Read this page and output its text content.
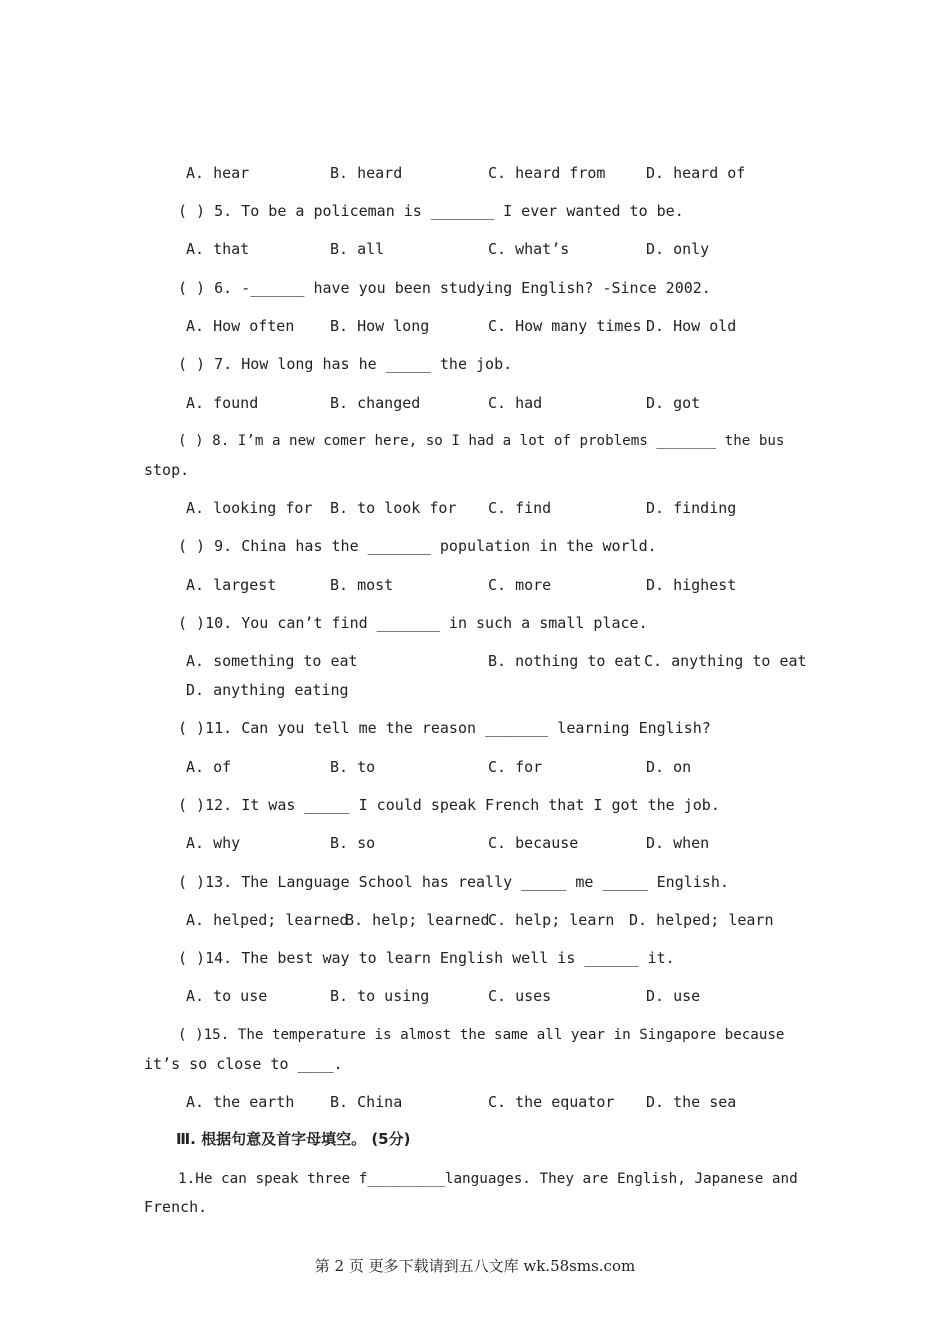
A. hear	B. heard	C. heard from	D. heard of
( ) 5. To be a policeman is _______ I ever wanted to be.
A. that	B. all	C. what’s	D. only
( ) 6. -______ have you been studying English? -Since 2002.
A. How often B. How long	C. How many times D. How old
( ) 7. How long has he _____ the job.
A. found	B. changed	C. had	D. got
( ) 8. I’m a new comer here, so I had a lot of problems _______ the bus
stop.
A. looking for B. to look for C. find	D. finding
( ) 9. China has the _______ population in the world.
A. largest	B. most	C. more	D. highest
( )10. You can’t find _______ in such a small place.
A. something to eat	B. nothing to eat C. anything to eat
D. anything eating
( )11. Can you tell me the reason _______ learning English?
A. of	B. to	C. for	D. on
( )12. It was _____ I could speak French that I got the job.
A. why	B. so	C. because	D. when
( )13. The Language School has really _____ me _____ English.
A. helped; learned
B. help; learned
C. help; learn D. helped; learn
( )14. The best way to learn English well is ______ it.
A. to use	B. to using	C. uses	D. use
( )15. The temperature is almost the same all year in Singapore because
it’s so close to ____.
A. the earth B. China	C. the equator D. the sea
Ⅲ. 根据句意及首字母填空。 (5分)
1.He can speak three f_________languages. They are English, Japanese and
French.
第 2 页 更多下载请到五八文库 wk.58sms.com
